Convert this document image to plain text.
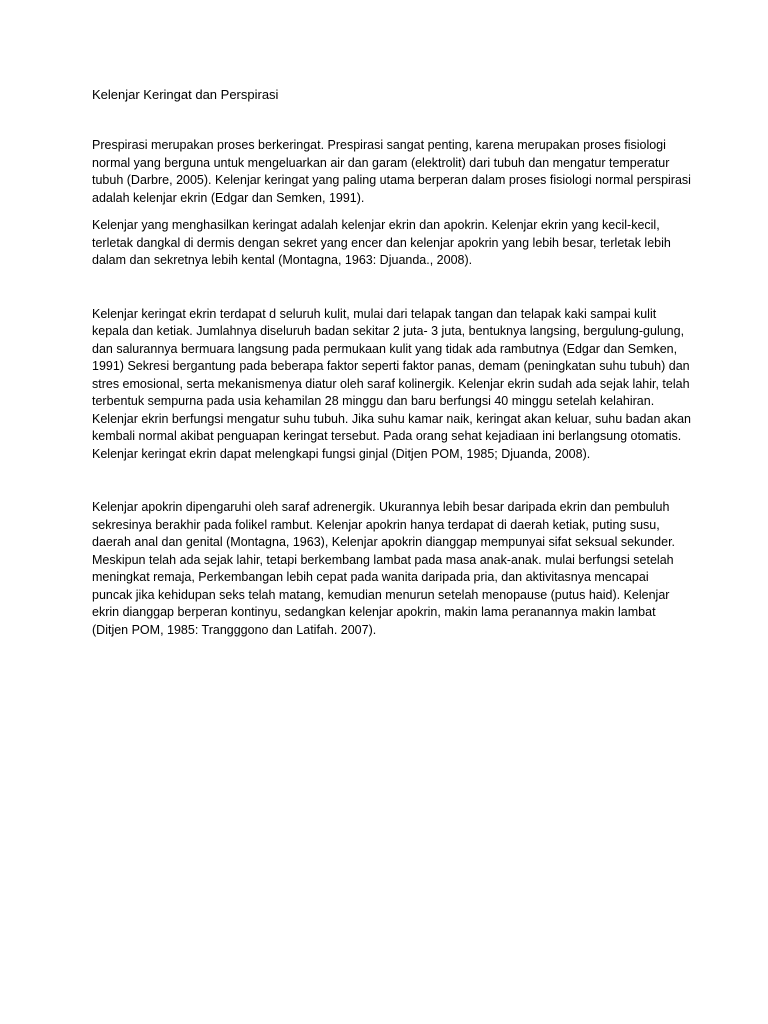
Kelenjar Keringat dan Perspirasi

Prespirasi merupakan proses berkeringat. Prespirasi sangat penting, karena merupakan proses fisiologi normal yang berguna untuk mengeluarkan air dan garam (elektrolit) dari tubuh dan mengatur temperatur tubuh (Darbre, 2005). Kelenjar keringat yang paling utama berperan dalam proses fisiologi normal perspirasi adalah kelenjar ekrin (Edgar dan Semken, 1991).

Kelenjar yang menghasilkan keringat adalah kelenjar ekrin dan apokrin. Kelenjar ekrin yang kecil-kecil, terletak dangkal di dermis dengan sekret yang encer dan kelenjar apokrin yang lebih besar, terletak lebih dalam dan sekretnya lebih kental (Montagna, 1963: Djuanda., 2008).

Kelenjar keringat ekrin terdapat d seluruh kulit, mulai dari telapak tangan dan telapak kaki sampai kulit kepala dan ketiak. Jumlahnya diseluruh badan sekitar 2 juta- 3 juta, bentuknya langsing, bergulung-gulung, dan salurannya bermuara langsung pada permukaan kulit yang tidak ada rambutnya (Edgar dan Semken, 1991) Sekresi bergantung pada beberapa faktor seperti faktor panas, demam (peningkatan suhu tubuh) dan stres emosional, serta mekanismenya diatur oleh saraf kolinergik. Kelenjar ekrin sudah ada sejak lahir, telah terbentuk sempurna pada usia kehamilan 28 minggu dan baru berfungsi 40 minggu setelah kelahiran. Kelenjar ekrin berfungsi mengatur suhu tubuh. Jika suhu kamar naik, keringat akan keluar, suhu badan akan kembali normal akibat penguapan keringat tersebut. Pada orang sehat kejadiaan ini berlangsung otomatis. Kelenjar keringat ekrin dapat melengkapi fungsi ginjal (Ditjen POM, 1985; Djuanda, 2008).

Kelenjar apokrin dipengaruhi oleh saraf adrenergik. Ukurannya lebih besar daripada ekrin dan pembuluh sekresinya berakhir pada folikel rambut. Kelenjar apokrin hanya terdapat di daerah ketiak, puting susu, daerah anal dan genital (Montagna, 1963), Kelenjar apokrin dianggap mempunyai sifat seksual sekunder. Meskipun telah ada sejak lahir, tetapi berkembang lambat pada masa anak-anak. mulai berfungsi setelah meningkat remaja, Perkembangan lebih cepat pada wanita daripada pria, dan aktivitasnya mencapai puncak jika kehidupan seks telah matang, kemudian menurun setelah menopause (putus haid). Kelenjar ekrin dianggap berperan kontinyu, sedangkan kelenjar apokrin, makin lama peranannya makin lambat (Ditjen POM, 1985: Trangggono dan Latifah. 2007).
